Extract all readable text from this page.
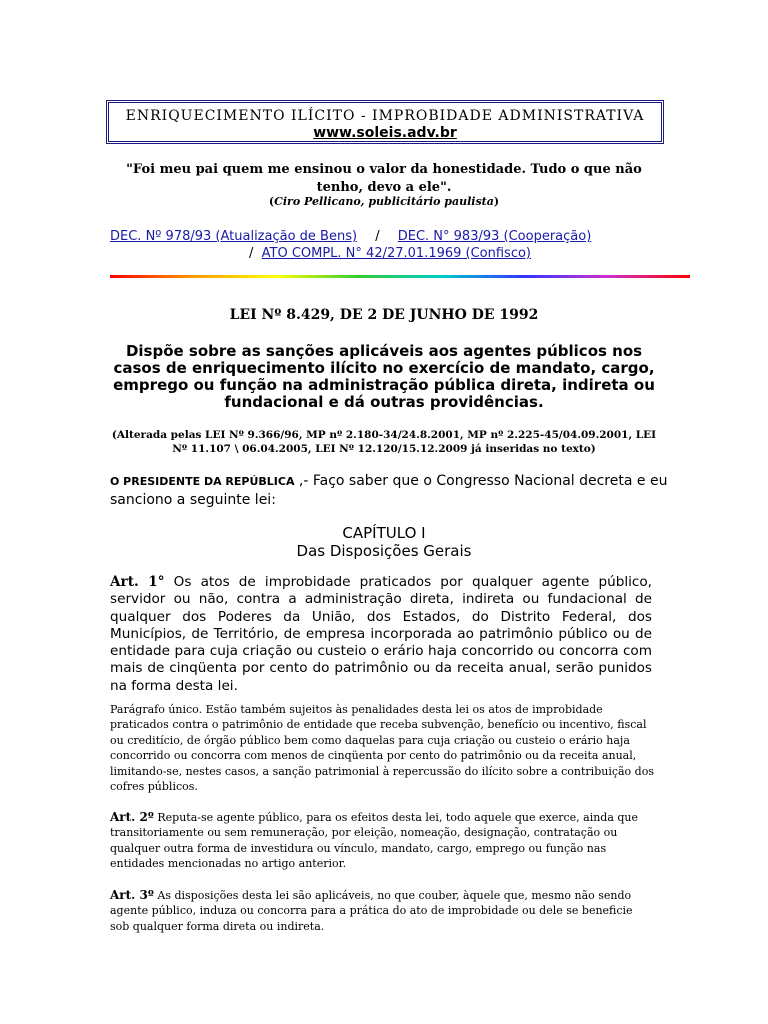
ENRIQUECIMENTO ILÍCITO - IMPROBIDADE ADMINISTRATIVA
www.soleis.adv.br
"Foi meu pai quem me ensinou o valor da honestidade. Tudo o que não tenho, devo a ele".
(Ciro Pellicano, publicitário paulista)
DEC. Nº 978/93 (Atualização de Bens) / DEC. N° 983/93 (Cooperação)
/ ATO COMPL. N° 42/27.01.1969 (Confisco)
LEI Nº 8.429, DE 2 DE JUNHO DE 1992
Dispõe sobre as sanções aplicáveis aos agentes públicos nos casos de enriquecimento ilícito no exercício de mandato, cargo, emprego ou função na administração pública direta, indireta ou fundacional e dá outras providências.
(Alterada pelas LEI Nº 9.366/96, MP nº 2.180-34/24.8.2001, MP nº 2.225-45/04.09.2001, LEI Nº 11.107 \ 06.04.2005, LEI Nº 12.120/15.12.2009 já inseridas no texto)
O PRESIDENTE DA REPÚBLICA ,- Faço saber que o Congresso Nacional decreta e eu sanciono a seguinte lei:
CAPÍTULO I
Das Disposições Gerais
Art. 1° Os atos de improbidade praticados por qualquer agente público, servidor ou não, contra a administração direta, indireta ou fundacional de qualquer dos Poderes da União, dos Estados, do Distrito Federal, dos Municípios, de Território, de empresa incorporada ao patrimônio público ou de entidade para cuja criação ou custeio o erário haja concorrido ou concorra com mais de cinqüenta por cento do patrimônio ou da receita anual, serão punidos na forma desta lei.
Parágrafo único. Estão também sujeitos às penalidades desta lei os atos de improbidade praticados contra o patrimônio de entidade que receba subvenção, benefício ou incentivo, fiscal ou creditício, de órgão público bem como daquelas para cuja criação ou custeio o erário haja concorrido ou concorra com menos de cinqüenta por cento do patrimônio ou da receita anual, limitando-se, nestes casos, a sanção patrimonial à repercussão do ilícito sobre a contribuição dos cofres públicos.
Art. 2º Reputa-se agente público, para os efeitos desta lei, todo aquele que exerce, ainda que transitoriamente ou sem remuneração, por eleição, nomeação, designação, contratação ou qualquer outra forma de investidura ou vínculo, mandato, cargo, emprego ou função nas entidades mencionadas no artigo anterior.
Art. 3º As disposições desta lei são aplicáveis, no que couber, àquele que, mesmo não sendo agente público, induza ou concorra para a prática do ato de improbidade ou dele se beneficie sob qualquer forma direta ou indireta.
